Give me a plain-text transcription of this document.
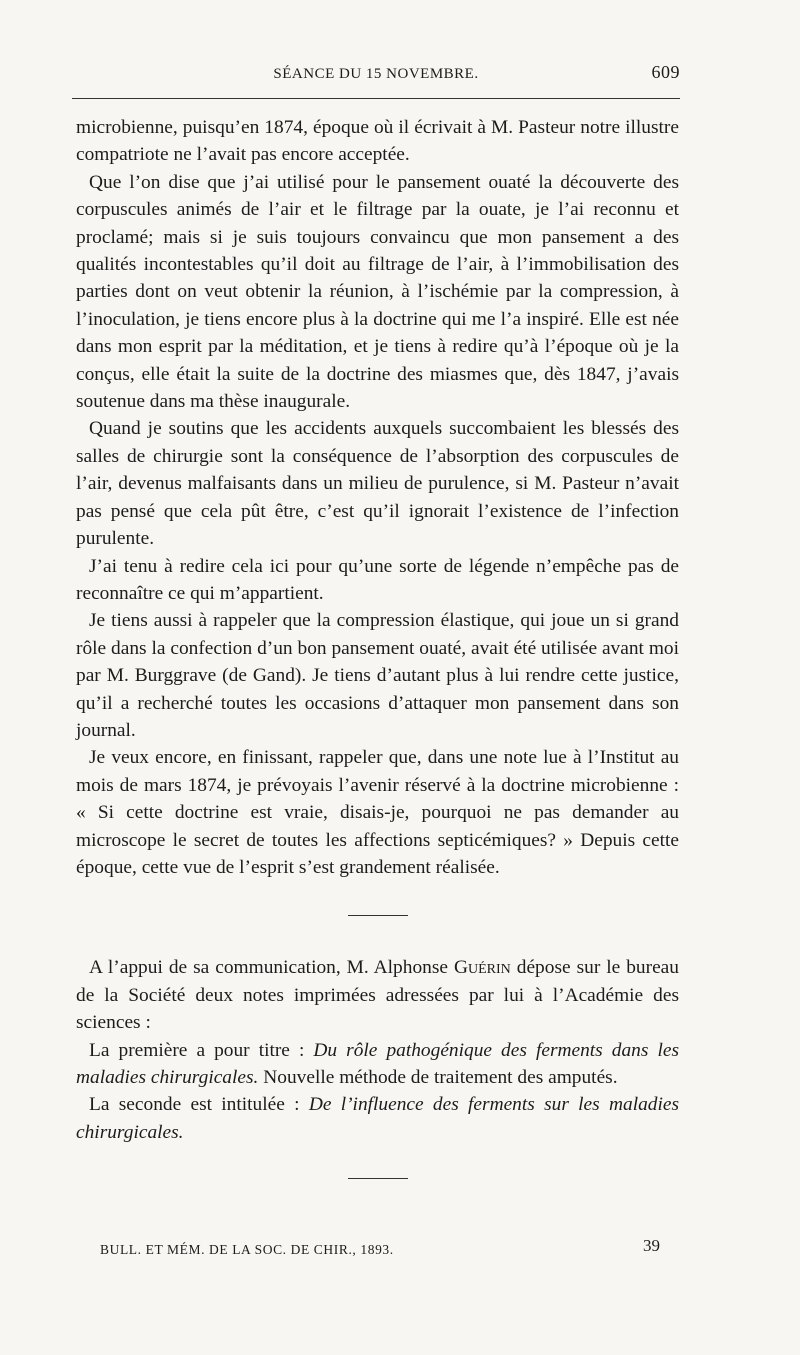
SÉANCE DU 15 NOVEMBRE.	609

microbienne, puisqu’en 1874, époque où il écrivait à M. Pasteur notre illustre compatriote ne l’avait pas encore acceptée.

Que l’on dise que j’ai utilisé pour le pansement ouaté la découverte des corpuscules animés de l’air et le filtrage par la ouate, je l’ai reconnu et proclamé; mais si je suis toujours convaincu que mon pansement a des qualités incontestables qu’il doit au filtrage de l’air, à l’immobilisation des parties dont on veut obtenir la réunion, à l’ischémie par la compression, à l’inoculation, je tiens encore plus à la doctrine qui me l’a inspiré. Elle est née dans mon esprit par la méditation, et je tiens à redire qu’à l’époque où je la conçus, elle était la suite de la doctrine des miasmes que, dès 1847, j’avais soutenue dans ma thèse inaugurale.

Quand je soutins que les accidents auxquels succombaient les blessés des salles de chirurgie sont la conséquence de l’absorption des corpuscules de l’air, devenus malfaisants dans un milieu de purulence, si M. Pasteur n’avait pas pensé que cela pût être, c’est qu’il ignorait l’existence de l’infection purulente.

J’ai tenu à redire cela ici pour qu’une sorte de légende n’empêche pas de reconnaître ce qui m’appartient.

Je tiens aussi à rappeler que la compression élastique, qui joue un si grand rôle dans la confection d’un bon pansement ouaté, avait été utilisée avant moi par M. Burggrave (de Gand). Je tiens d’autant plus à lui rendre cette justice, qu’il a recherché toutes les occasions d’attaquer mon pansement dans son journal.

Je veux encore, en finissant, rappeler que, dans une note lue à l’Institut au mois de mars 1874, je prévoyais l’avenir réservé à la doctrine microbienne : « Si cette doctrine est vraie, disais-je, pourquoi ne pas demander au microscope le secret de toutes les affections septicémiques? » Depuis cette époque, cette vue de l’esprit s’est grandement réalisée.

A l’appui de sa communication, M. Alphonse Guérin dépose sur le bureau de la Société deux notes imprimées adressées par lui à l’Académie des sciences :

La première a pour titre : Du rôle pathogénique des ferments dans les maladies chirurgicales. Nouvelle méthode de traitement des amputés.

La seconde est intitulée : De l’influence des ferments sur les maladies chirurgicales.

BULL. ET MÉM. DE LA SOC. DE CHIR., 1893.	39
